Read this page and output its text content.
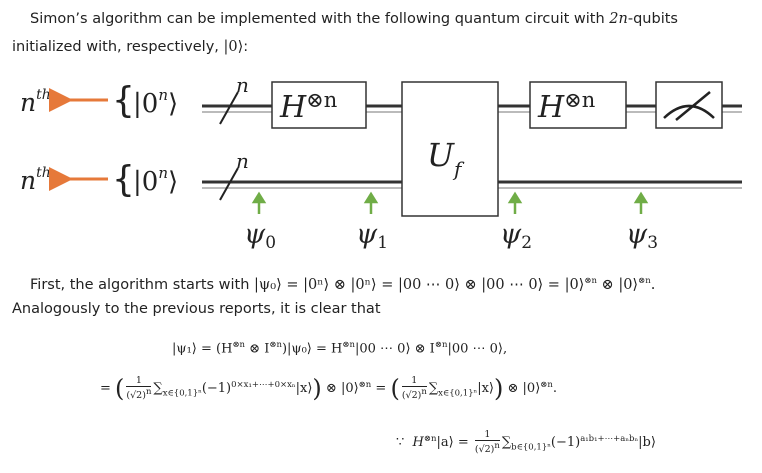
Simon’s algorithm can be implemented with the following quantum circuit with 2n-qubits
initialized with, respectively, |0⟩:
$n^{th}$ {
|0$^n$⟩
$n^{th}$ {
|0$^n$⟩
n
n
$H^{\otimes n}$
$U_f$
$H^{\otimes n}$
ψ0	ψ1	ψ2	ψ3
First, the algorithm starts with |ψ₀⟩ = |0ⁿ⟩ ⊗ |0ⁿ⟩ = |00 ⋯ 0⟩ ⊗ |00 ⋯ 0⟩ = |0⟩$^{\otimes n}$ ⊗ |0⟩$^{\otimes n}$.
Analogously to the previous reports, it is clear that
|ψ₁⟩ = ($H^{\otimes n}$ ⊗ $I^{\otimes n})|\psi_0⟩ = H^{\otimes n}|00$ ⋯ 0⟩ ⊗ $I^{\otimes n}|00$ ⋯ 0⟩,
= ( $\frac{1}{(√2)^n}$ $\sum_{x\in\{0,1\}^n}(-1)^{0\times x_1+\cdots+0\times x_n}|x⟩$) ⊗ |0⟩$^{\otimes n}$ = ( $\frac{1}{(√2)^n}$ $\sum_{x\in\{0,1\}^n}|x⟩$) ⊗ |0⟩$^{\otimes n}$.
∵ $H^{\otimes n}|a⟩ = \frac{1}{(√2)^n}$ $\sum_{b\in\{0,1\}^n}(-1)^{a_1b_1+\cdots+a_nb_n}|b⟩$
